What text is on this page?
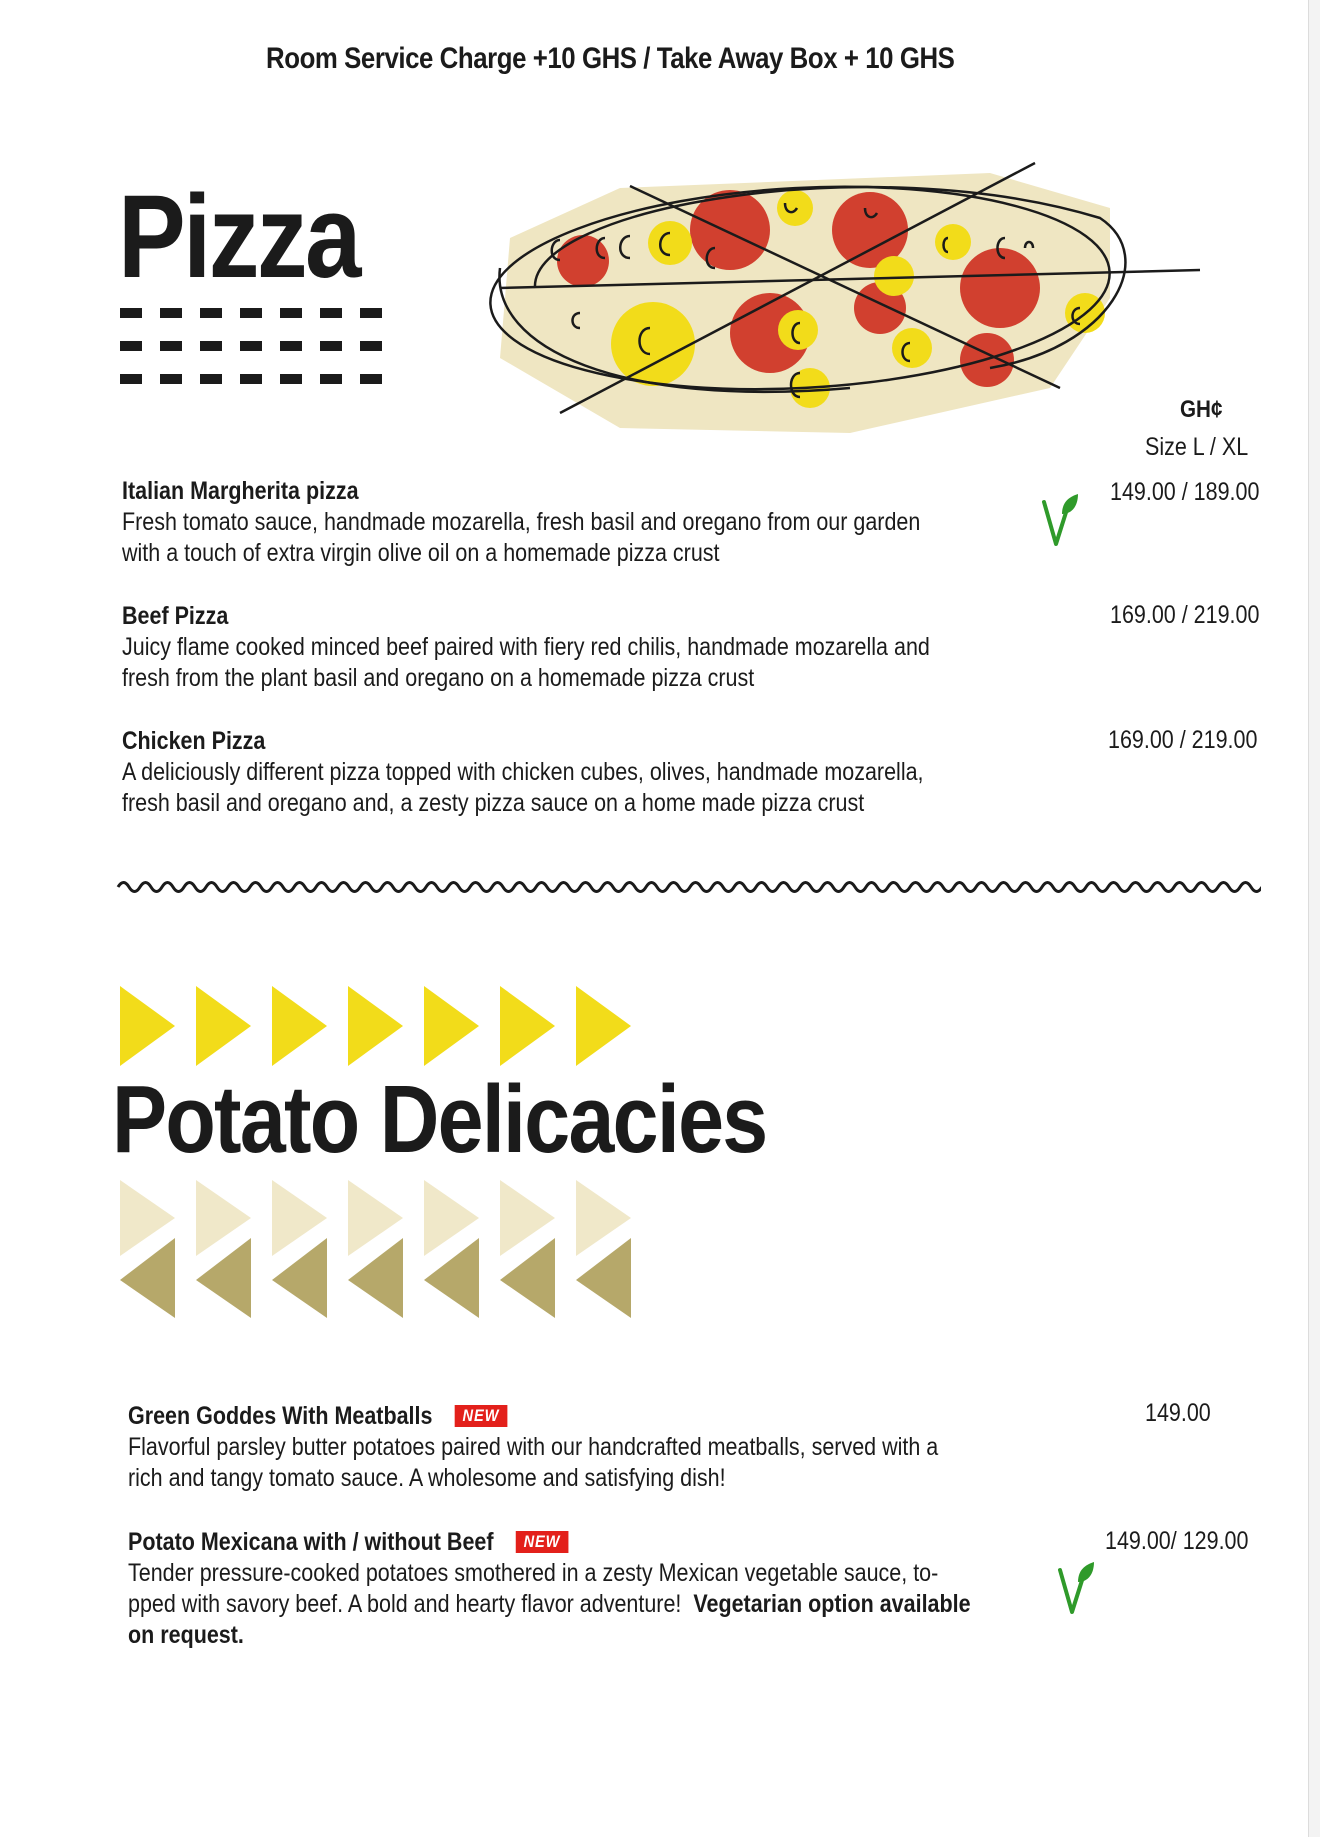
Room Service Charge +10 GHS / Take Away Box + 10 GHS
Pizza
GH¢
Size L / XL
Italian Margherita pizza
Fresh tomato sauce, handmade mozarella, fresh basil and oregano from our garden
with a touch of extra virgin olive oil on a homemade pizza crust
149.00 / 189.00
Beef Pizza
Juicy flame cooked minced beef paired with fiery red chilis, handmade mozarella and
fresh from the plant basil and oregano on a homemade pizza crust
169.00 / 219.00
Chicken Pizza
A deliciously different pizza topped with chicken cubes, olives, handmade mozarella,
fresh basil and oregano and, a zesty pizza sauce on a home made pizza crust
169.00 / 219.00
Potato Delicacies
Green Goddes With Meatballs NEW
Flavorful parsley butter potatoes paired with our handcrafted meatballs, served with a
rich and tangy tomato sauce. A wholesome and satisfying dish!
149.00
Potato Mexicana with / without Beef NEW
Tender pressure-cooked potatoes smothered in a zesty Mexican vegetable sauce, to-
pped with savory beef. A bold and hearty flavor adventure! Vegetarian option available
on request.
149.00/ 129.00
